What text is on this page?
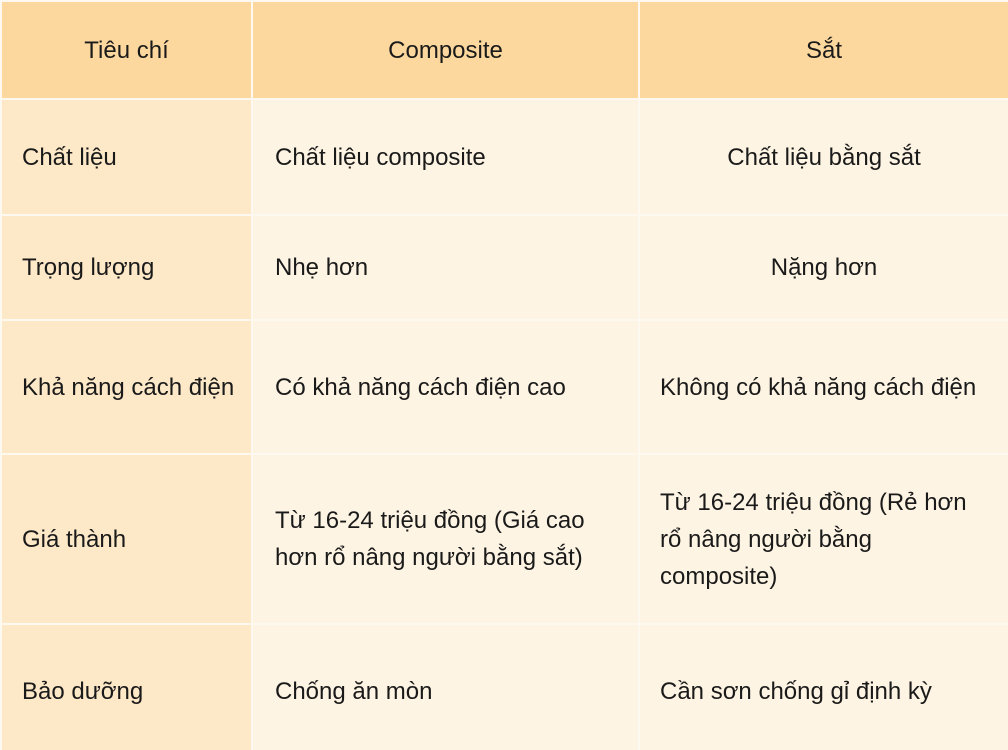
Tiêu chí	Composite	Sắt
Chất liệu	Chất liệu composite	Chất liệu bằng sắt
Trọng lượng	Nhẹ hơn	Nặng hơn
Khả năng cách điện	Có khả năng cách điện cao	Không có khả năng cách điện
Giá thành	Từ 16-24 triệu đồng (Giá cao hơn rổ nâng người bằng sắt)	Từ 16-24 triệu đồng (Rẻ hơn rổ nâng người bằng composite)
Bảo dưỡng	Chống ăn mòn	Cần sơn chống gỉ định kỳ
